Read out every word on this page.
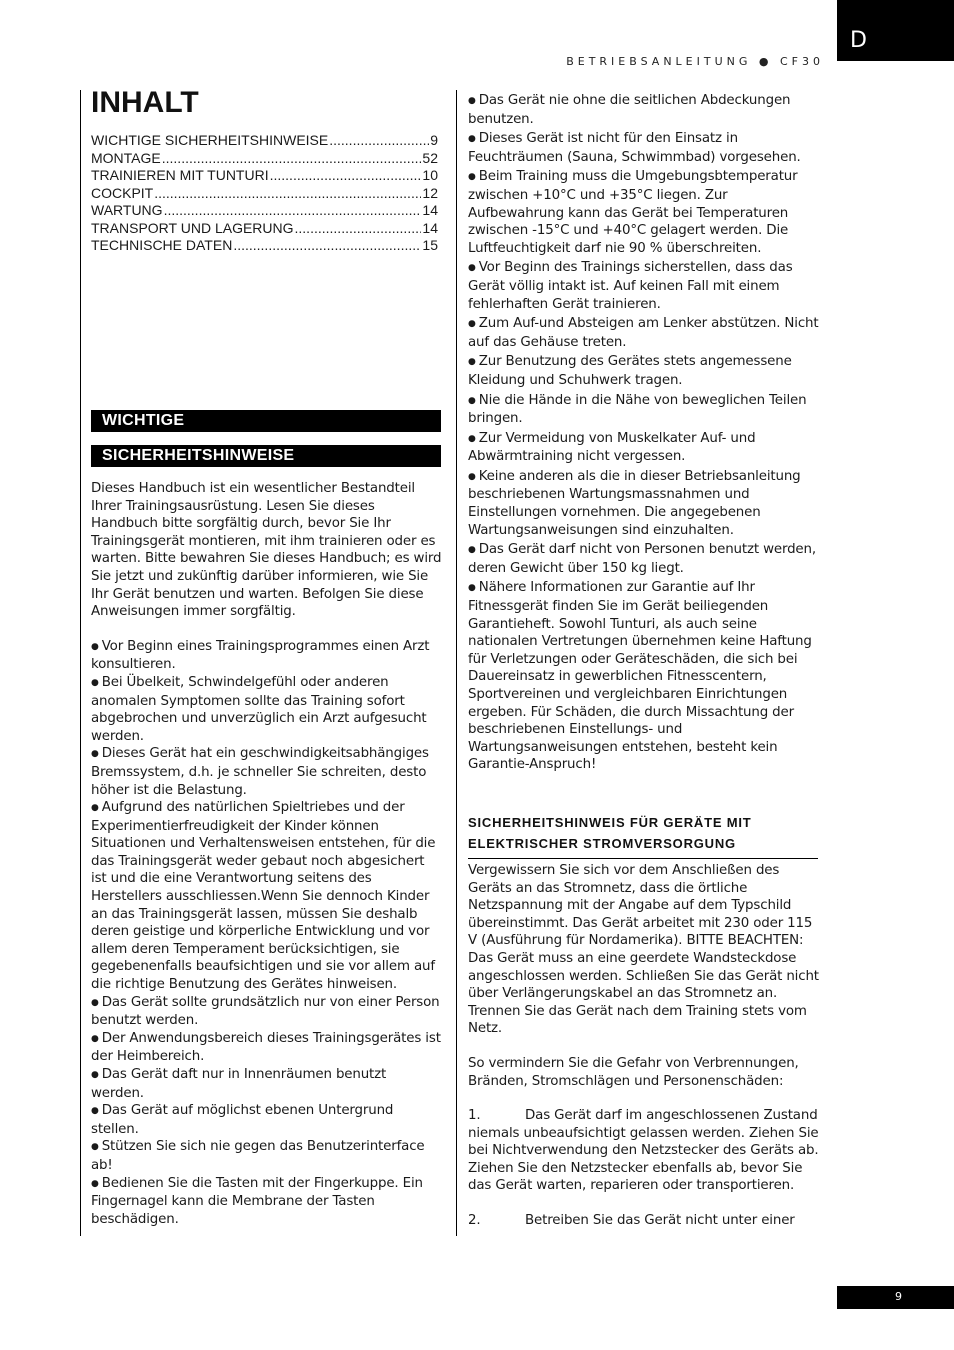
D
BETRIEBSANLEITUNG ● CF30
INHALT
WICHTIGE SICHERHEITSHINWEISE .....	9
MONTAGE .....	52
TRAINIEREN MIT TUNTURI .....	10
COCKPIT .....	12
WARTUNG .....	14
TRANSPORT UND LAGERUNG .....	14
TECHNISCHE DATEN .....	15
WICHTIGE
SICHERHEITSHINWEISE

Dieses Handbuch ist ein wesentlicher Bestandteil Ihrer Trainingsausrüstung. Lesen Sie dieses Handbuch bitte sorgfältig durch, bevor Sie Ihr Trainingsgerät montieren, mit ihm trainieren oder es warten. Bitte bewahren Sie dieses Handbuch; es wird Sie jetzt und zukünftig darüber informieren, wie Sie Ihr Gerät benutzen und warten. Befolgen Sie diese Anweisungen immer sorgfältig.

● Vor Beginn eines Trainingsprogrammes einen Arzt konsultieren.

● Bei Übelkeit, Schwindelgefühl oder anderen anomalen Symptomen sollte das Training sofort abgebrochen und unverzüglich ein Arzt aufgesucht werden.

● Dieses Gerät hat ein geschwindigkeitsabhängiges Bremssystem, d.h. je schneller Sie schreiten, desto höher ist die Belastung.

● Aufgrund des natürlichen Spieltriebes und der Experimentierfreudigkeit der Kinder können Situationen und Verhaltensweisen entstehen, für die das Trainingsgerät weder gebaut noch abgesichert ist und die eine Verantwortung seitens des Herstellers ausschliessen.Wenn Sie dennoch Kinder an das Trainingsgerät lassen, müssen Sie deshalb deren geistige und körperliche Entwicklung und vor allem deren Temperament berücksichtigen, sie gegebenenfalls beaufsichtigen und sie vor allem auf die richtige Benutzung des Gerätes hinweisen.

● Das Gerät sollte grundsätzlich nur von einer Person benutzt werden.

● Der Anwendungsbereich dieses Trainingsgerätes ist der Heimbereich.

● Das Gerät daft nur in Innenräumen benutzt werden.

● Das Gerät auf möglichst ebenen Untergrund stellen.

● Stützen Sie sich nie gegen das Benutzerinterface ab!

● Bedienen Sie die Tasten mit der Fingerkuppe. Ein Fingernagel kann die Membrane der Tasten beschädigen.

● Das Gerät nie ohne die seitlichen Abdeckungen benutzen.

● Dieses Gerät ist nicht für den Einsatz in Feuchträumen (Sauna, Schwimmbad) vorgesehen.

● Beim Training muss die Umgebungsbtemperatur zwischen +10°C und +35°C liegen. Zur Aufbewahrung kann das Gerät bei Temperaturen zwischen -15°C und +40°C gelagert werden. Die Luftfeuchtigkeit darf nie 90 % überschreiten.

● Vor Beginn des Trainings sicherstellen, dass das Gerät völlig intakt ist. Auf keinen Fall mit einem fehlerhaften Gerät trainieren.

● Zum Auf-und Absteigen am Lenker abstützen. Nicht auf das Gehäuse treten.

● Zur Benutzung des Gerätes stets angemessene Kleidung und Schuhwerk tragen.

● Nie die Hände in die Nähe von beweglichen Teilen bringen.

● Zur Vermeidung von Muskelkater Auf- und Abwärmtraining nicht vergessen.

● Keine anderen als die in dieser Betriebsanleitung beschriebenen Wartungsmassnahmen und Einstellungen vornehmen. Die angegebenen Wartungsanweisungen sind einzuhalten.

● Das Gerät darf nicht von Personen benutzt werden, deren Gewicht über 150 kg liegt.

● Nähere Informationen zur Garantie auf Ihr Fitnessgerät finden Sie im Gerät beiliegenden Garantieheft. Sowohl Tunturi, als auch seine nationalen Vertretungen übernehmen keine Haftung für Verletzungen oder Geräteschäden, die sich bei Dauereinsatz in gewerblichen Fitnesscentern, Sportvereinen und vergleichbaren Einrichtungen ergeben. Für Schäden, die durch Missachtung der beschriebenen Einstellungs- und Wartungsanweisungen entstehen, besteht kein Garantie-Anspruch!

SICHERHEITSHINWEIS FÜR GERÄTE MIT
ELEKTRISCHER STROMVERSORGUNG

Vergewissern Sie sich vor dem Anschließen des Geräts an das Stromnetz, dass die örtliche Netzspannung mit der Angabe auf dem Typschild übereinstimmt. Das Gerät arbeitet mit 230 oder 115 V (Ausführung für Nordamerika). BITTE BEACHTEN: Das Gerät muss an eine geerdete Wandsteckdose angeschlossen werden. Schließen Sie das Gerät nicht über Verlängerungskabel an das Stromnetz an. Trennen Sie das Gerät nach dem Training stets vom Netz.

So vermindern Sie die Gefahr von Verbrennungen, Bränden, Stromschlägen und Personenschäden:

1.	Das Gerät darf im angeschlossenen Zustand niemals unbeaufsichtigt gelassen werden. Ziehen Sie bei Nichtverwendung den Netzstecker des Geräts ab. Ziehen Sie den Netzstecker ebenfalls ab, bevor Sie das Gerät warten, reparieren oder transportieren.

2.	Betreiben Sie das Gerät nicht unter einer

9
